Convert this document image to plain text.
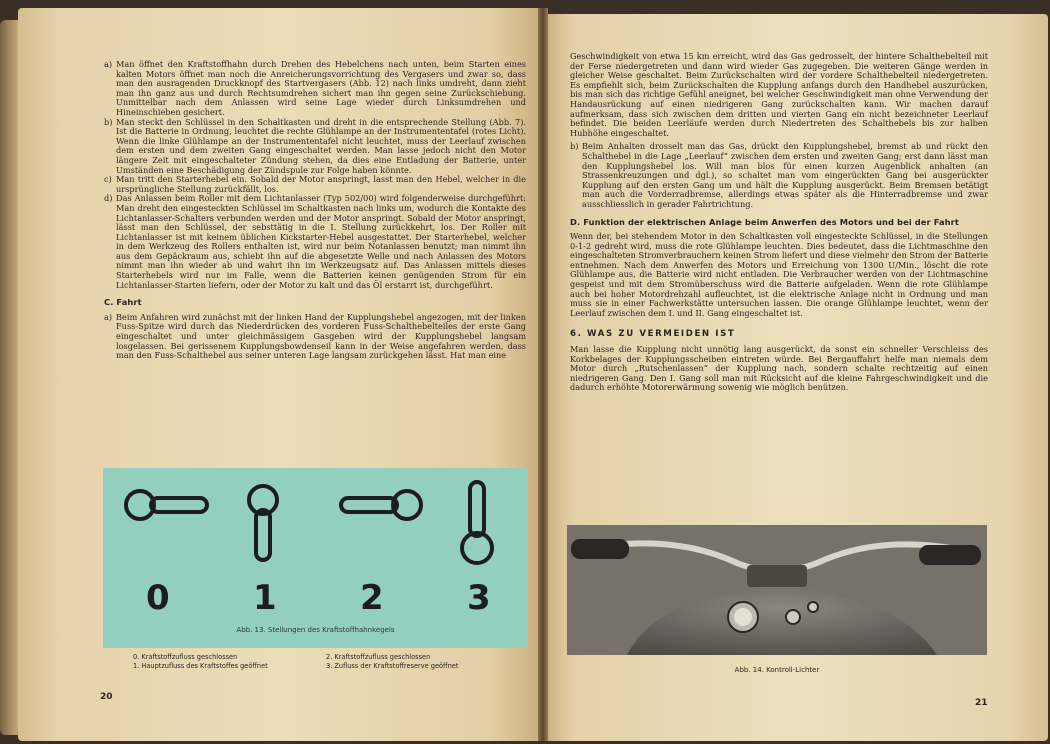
a) Man öffnet den Kraftstoffhahn durch Drehen des Hebelchens nach unten, beim Starten eines kalten Motors öffnet man noch die Anreicherungsvorrichtung des Vergasers und zwar so, dass man den ausragenden Druckknopf des Startvergasers (Abb. 12) nach links umdreht, dann zieht man ihn ganz aus und durch Rechtsumdrehen sichert man ihn gegen seine Zurückschiebung. Unmittelbar nach dem Anlassen wird seine Lage wieder durch Linksumdrehen und Hineinschieben gesichert.

b) Man steckt den Schlüssel in den Schaltkasten und dreht in die entsprechende Stellung (Abb. 7). Ist die Batterie in Ordnung, leuchtet die rechte Glühlampe an der Instrumententafel (rotes Licht). Wenn die linke Glühlampe an der Instrumententafel nicht leuchtet, muss der Leerlauf zwischen dem ersten und dem zweiten Gang eingeschaltet werden. Man lasse jedoch nicht den Motor längere Zeit mit eingeschalteter Zündung stehen, da dies eine Entladung der Batterie, unter Umständen eine Beschädigung der Zündspule zur Folge haben könnte.

c) Man tritt den Starterhebel ein. Sobald der Motor anspringt, lasst man den Hebel, welcher in die ursprüngliche Stellung zurückfällt, los.

d) Das Anlassen beim Roller mit dem Lichtanlasser (Typ 502/00) wird folgenderweise durchgeführt: Man dreht den eingesteckten Schlüssel im Schaltkasten nach links um, wodurch die Kontakte des Lichtanlasser-Schalters verbunden werden und der Motor anspringt. Sobald der Motor anspringt, lässt man den Schlüssel, der sebsttätig in die I. Stellung zurückkehrt, los. Der Roller mit Lichtanlasser ist mit keinem üblichen Kickstarter-Hebel ausgestattet. Der Starterhebel, welcher in dem Werkzeug des Rollers enthalten ist, wird nur beim Notanlassen benutzt; man nimmt ihn aus dem Gepäckraum aus, schiebt ihn auf die abgesetzte Welle und nach Anlassen des Motors nimmt man ihn wieder ab und wahrt ihn im Werkzeugsatz auf. Das Anlassen mittels dieses Starterhebels wird nur im Falle, wenn die Batterien keinen genügenden Strom für ein Lichtanlasser-Starten liefern, oder der Motor zu kalt und das Öl erstarrt ist, durchgeführt.

C. Fahrt
a) Beim Anfahren wird zunächst mit der linken Hand der Kupplungshebel angezogen, mit der linken Fuss-Spitze wird durch das Niederdrücken des vorderen Fuss-Schalthebelteiles der erste Gang eingeschaltet und unter gleichmässigem Gasgeben wird der Kupplungshebel langsam losgelassen. Bei gerissenem Kupplungsbowdenseil kann in der Weise angefahren werden, dass man den Fuss-Schalthebel aus seiner unteren Lage langsam zurückgehen lässt. Hat man eine

0 1 2 3
Abb. 13. Stellungen des Kraftstoffhahnkegels
0. Kraftstoffzufluss geschlossen
1. Hauptzufluss des Kraftstoffes geöffnet
2. Kraftstoffzufluss geschlossen
3. Zufluss der Kraftstoffreserve geöffnet
20

Geschwindigkeit von etwa 15 km erreicht, wird das Gas gedrosselt, der hintere Schalthebelteil mit der Ferse niedergetreten und dann wird wieder Gas zugegeben. Die weiteren Gänge werden in gleicher Weise geschaltet. Beim Zurückschalten wird der vordere Schalthebelteil niedergetreten. Es empfiehlt sich, beim Zurückschalten die Kupplung anfangs durch den Handhebel auszurücken, bis man sich das richtige Gefühl aneignet, bei welcher Geschwindigkeit man ohne Verwendung der Handausrückung auf einen niedrigeren Gang zurückschalten kann. Wir machen darauf aufmerksam, dass sich zwischen dem dritten und vierten Gang ein nicht bezeichneter Leerlauf befindet. Die beiden Leerläufe werden durch Niedertreten des Schalthebels bis zur halben Hubhöhe eingeschaltet.

b) Beim Anhalten drosselt man das Gas, drückt den Kupplungshebel, bremst ab und rückt den Schalthebel in die Lage „Leerlauf“ zwischen dem ersten und zweiten Gang; erst dann lässt man den Kupplungshebel los. Will man blos für einen kurzen Augenblick anhalten (an Strassenkreuzungen und dgl.), so schaltet man vom eingerückten Gang bei ausgerückter Kupplung auf den ersten Gang um und hält die Kupplung ausgerückt. Beim Bremsen betätigt man auch die Vorderradbremse, allerdings etwas später als die Hinterradbremse und zwar ausschliesslich in gerader Fahrtrichtung.

D. Funktion der elektrischen Anlage beim Anwerfen des Motors und bei der Fahrt

Wenn der, bei stehendem Motor in den Schaltkasten voll eingesteckte Schlüssel, in die Stellungen 0-1-2 gedreht wird, muss die rote Glühlampe leuchten. Dies bedeutet, dass die Lichtmaschine den eingeschalteten Stromverbrauchern keinen Strom liefert und diese vielmehr den Strom der Batterie entnehmen. Nach dem Anwerfen des Motors und Erreichung von 1300 U/Min., löscht die rote Glühlampe aus, die Batterie wird nicht entladen. Die Verbraucher werden von der Lichtmaschine gespeist und mit dem Stromüberschuss wird die Batterie aufgeladen. Wenn die rote Glühlampe auch bei hoher Motordrehzahl aufleuchtet, ist die elektrische Anlage nicht in Ordnung und man muss sie in einer Fachwerkstätte untersuchen lassen. Die orange Glühlampe leuchtet, wenn der Leerlauf zwischen dem I. und II. Gang eingeschaltet ist.

6. WAS ZU VERMEIDEN IST

Man lasse die Kupplung nicht unnötig lang ausgerückt, da sonst ein schneller Verschleiss des Korkbelages der Kupplungsscheiben eintreten würde. Bei Bergauffahrt helfe man niemals dem Motor durch „Rutschenlassen“ der Kupplung nach, sondern schalte rechtzeitig auf einen niedrigeren Gang. Den I. Gang soll man mit Rücksicht auf die kleine Fahrgeschwindigkeit und die dadurch erhöhte Motorerwärmung sowenig wie möglich benützen.

Abb. 14. Kontroll-Lichter
21
